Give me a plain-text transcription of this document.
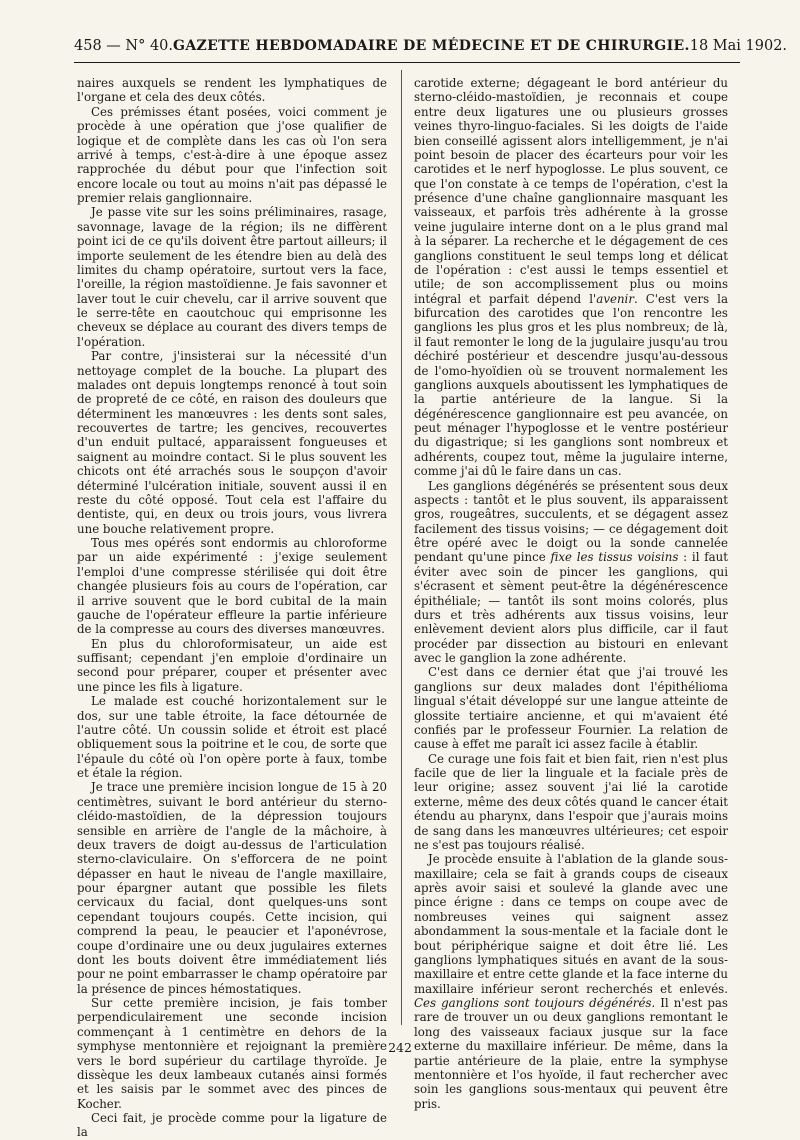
458 — N° 40. GAZETTE HEBDOMADAIRE DE MÉDECINE ET DE CHIRURGIE. 18 Mai 1902.

naires auxquels se rendent les lymphatiques de l'organe et cela des deux côtés.

Ces prémisses étant posées, voici comment je procède à une opération que j'ose qualifier de logique et de complète dans les cas où l'on sera arrivé à temps, c'est-à-dire à une époque assez rapprochée du début pour que l'infection soit encore locale ou tout au moins n'ait pas dépassé le premier relais ganglionnaire.

Je passe vite sur les soins préliminaires, rasage, savonnage, lavage de la région; ils ne diffèrent point ici de ce qu'ils doivent être partout ailleurs; il importe seulement de les étendre bien au delà des limites du champ opératoire, surtout vers la face, l'oreille, la région mastoïdienne. Je fais savonner et laver tout le cuir chevelu, car il arrive souvent que le serre-tête en caoutchouc qui emprisonne les cheveux se déplace au courant des divers temps de l'opération.

Par contre, j'insisterai sur la nécessité d'un nettoyage complet de la bouche. La plupart des malades ont depuis longtemps renoncé à tout soin de propreté de ce côté, en raison des douleurs que déterminent les manœuvres : les dents sont sales, recouvertes de tartre; les gencives, recouvertes d'un enduit pultacé, apparaissent fongueuses et saignent au moindre contact. Si le plus souvent les chicots ont été arrachés sous le soupçon d'avoir déterminé l'ulcération initiale, souvent aussi il en reste du côté opposé. Tout cela est l'affaire du dentiste, qui, en deux ou trois jours, vous livrera une bouche relativement propre.

Tous mes opérés sont endormis au chloroforme par un aide expérimenté : j'exige seulement l'emploi d'une compresse stérilisée qui doit être changée plusieurs fois au cours de l'opération, car il arrive souvent que le bord cubital de la main gauche de l'opérateur effleure la partie inférieure de la compresse au cours des diverses manœuvres.

En plus du chloroformisateur, un aide est suffisant; cependant j'en emploie d'ordinaire un second pour préparer, couper et présenter avec une pince les fils à ligature.

Le malade est couché horizontalement sur le dos, sur une table étroite, la face détournée de l'autre côté. Un coussin solide et étroit est placé obliquement sous la poitrine et le cou, de sorte que l'épaule du côté où l'on opère porte à faux, tombe et étale la région.

Je trace une première incision longue de 15 à 20 centimètres, suivant le bord antérieur du sterno-cléido-mastoïdien, de la dépression toujours sensible en arrière de l'angle de la mâchoire, à deux travers de doigt au-dessus de l'articulation sterno-claviculaire. On s'efforcera de ne point dépasser en haut le niveau de l'angle maxillaire, pour épargner autant que possible les filets cervicaux du facial, dont quelques-uns sont cependant toujours coupés. Cette incision, qui comprend la peau, le peaucier et l'aponévrose, coupe d'ordinaire une ou deux jugulaires externes dont les bouts doivent être immédiatement liés pour ne point embarrasser le champ opératoire par la présence de pinces hémostatiques.

Sur cette première incision, je fais tomber perpendiculairement une seconde incision commençant à 1 centimètre en dehors de la symphyse mentonnière et rejoignant la première vers le bord supérieur du cartilage thyroïde. Je dissèque les deux lambeaux cutanés ainsi formés et les saisis par le sommet avec des pinces de Kocher.

Ceci fait, je procède comme pour la ligature de la

carotide externe; dégageant le bord antérieur du sterno-cléido-mastoïdien, je reconnais et coupe entre deux ligatures une ou plusieurs grosses veines thyro-linguo-faciales. Si les doigts de l'aide bien conseillé agissent alors intelligemment, je n'ai point besoin de placer des écarteurs pour voir les carotides et le nerf hypoglosse. Le plus souvent, ce que l'on constate à ce temps de l'opération, c'est la présence d'une chaîne ganglionnaire masquant les vaisseaux, et parfois très adhérente à la grosse veine jugulaire interne dont on a le plus grand mal à la séparer. La recherche et le dégagement de ces ganglions constituent le seul temps long et délicat de l'opération : c'est aussi le temps essentiel et utile; de son accomplissement plus ou moins intégral et parfait dépend l'avenir. C'est vers la bifurcation des carotides que l'on rencontre les ganglions les plus gros et les plus nombreux; de là, il faut remonter le long de la jugulaire jusqu'au trou déchiré postérieur et descendre jusqu'au-dessous de l'omo-hyoïdien où se trouvent normalement les ganglions auxquels aboutissent les lymphatiques de la partie antérieure de la langue. Si la dégénérescence ganglionnaire est peu avancée, on peut ménager l'hypoglosse et le ventre postérieur du digastrique; si les ganglions sont nombreux et adhérents, coupez tout, même la jugulaire interne, comme j'ai dû le faire dans un cas.

Les ganglions dégénérés se présentent sous deux aspects : tantôt et le plus souvent, ils apparaissent gros, rougeâtres, succulents, et se dégagent assez facilement des tissus voisins; — ce dégagement doit être opéré avec le doigt ou la sonde cannelée pendant qu'une pince fixe les tissus voisins : il faut éviter avec soin de pincer les ganglions, qui s'écrasent et sèment peut-être la dégénérescence épithéliale; — tantôt ils sont moins colorés, plus durs et très adhérents aux tissus voisins, leur enlèvement devient alors plus difficile, car il faut procéder par dissection au bistouri en enlevant avec le ganglion la zone adhérente.

C'est dans ce dernier état que j'ai trouvé les ganglions sur deux malades dont l'épithélioma lingual s'était développé sur une langue atteinte de glossite tertiaire ancienne, et qui m'avaient été confiés par le professeur Fournier. La relation de cause à effet me paraît ici assez facile à établir.

Ce curage une fois fait et bien fait, rien n'est plus facile que de lier la linguale et la faciale près de leur origine; assez souvent j'ai lié la carotide externe, même des deux côtés quand le cancer était étendu au pharynx, dans l'espoir que j'aurais moins de sang dans les manœuvres ultérieures; cet espoir ne s'est pas toujours réalisé.

Je procède ensuite à l'ablation de la glande sous-maxillaire; cela se fait à grands coups de ciseaux après avoir saisi et soulevé la glande avec une pince érigne : dans ce temps on coupe avec de nombreuses veines qui saignent assez abondamment la sous-mentale et la faciale dont le bout périphérique saigne et doit être lié. Les ganglions lymphatiques situés en avant de la sous-maxillaire et entre cette glande et la face interne du maxillaire inférieur seront recherchés et enlevés. Ces ganglions sont toujours dégénérés. Il n'est pas rare de trouver un ou deux ganglions remontant le long des vaisseaux faciaux jusque sur la face externe du maxillaire inférieur. De même, dans la partie antérieure de la plaie, entre la symphyse mentonnière et l'os hyoïde, il faut rechercher avec soin les ganglions sous-mentaux qui peuvent être pris.

242
